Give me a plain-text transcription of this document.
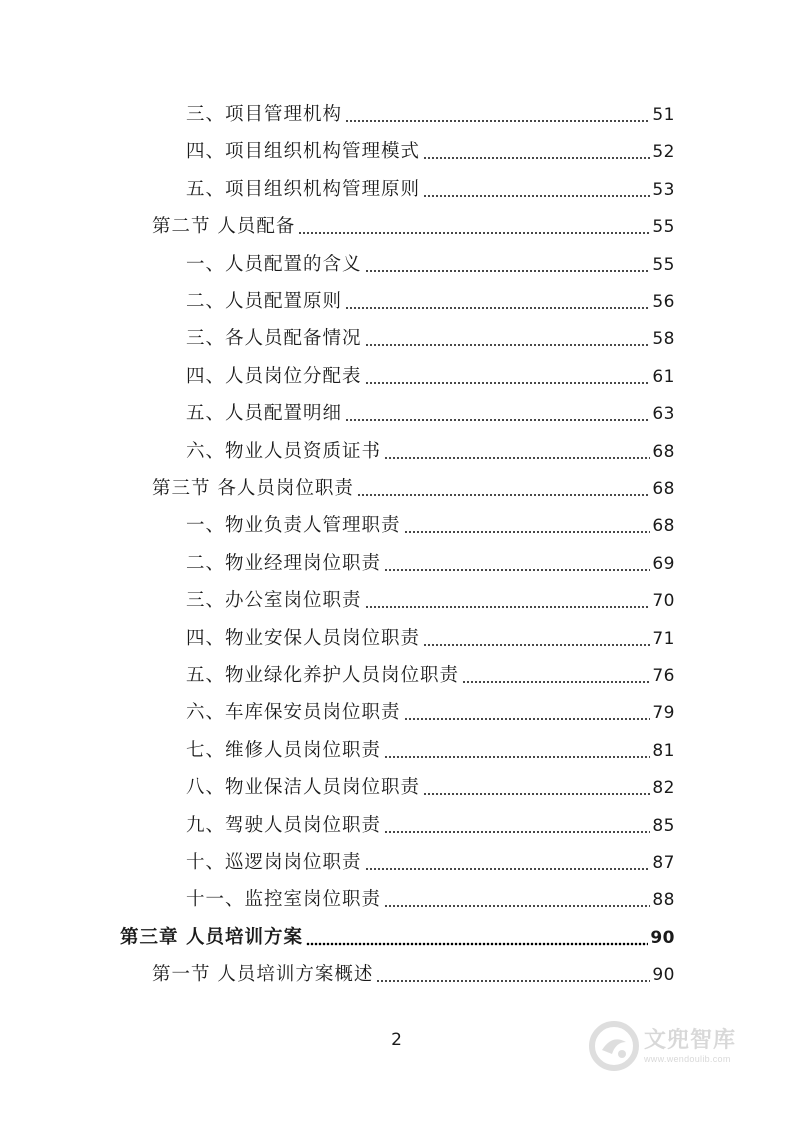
三、项目管理机构	51
四、项目组织机构管理模式	52
五、项目组织机构管理原则	53
第二节 人员配备	55
一、人员配置的含义	55
二、人员配置原则	56
三、各人员配备情况	58
四、人员岗位分配表	61
五、人员配置明细	63
六、物业人员资质证书	68
第三节 各人员岗位职责	68
一、物业负责人管理职责	68
二、物业经理岗位职责	69
三、办公室岗位职责	70
四、物业安保人员岗位职责	71
五、物业绿化养护人员岗位职责	76
六、车库保安员岗位职责	79
七、维修人员岗位职责	81
八、物业保洁人员岗位职责	82
九、驾驶人员岗位职责	85
十、巡逻岗岗位职责	87
十一、监控室岗位职责	88
第三章 人员培训方案	90
第一节 人员培训方案概述	90
2	文兜智库
www.wendoulib.com
